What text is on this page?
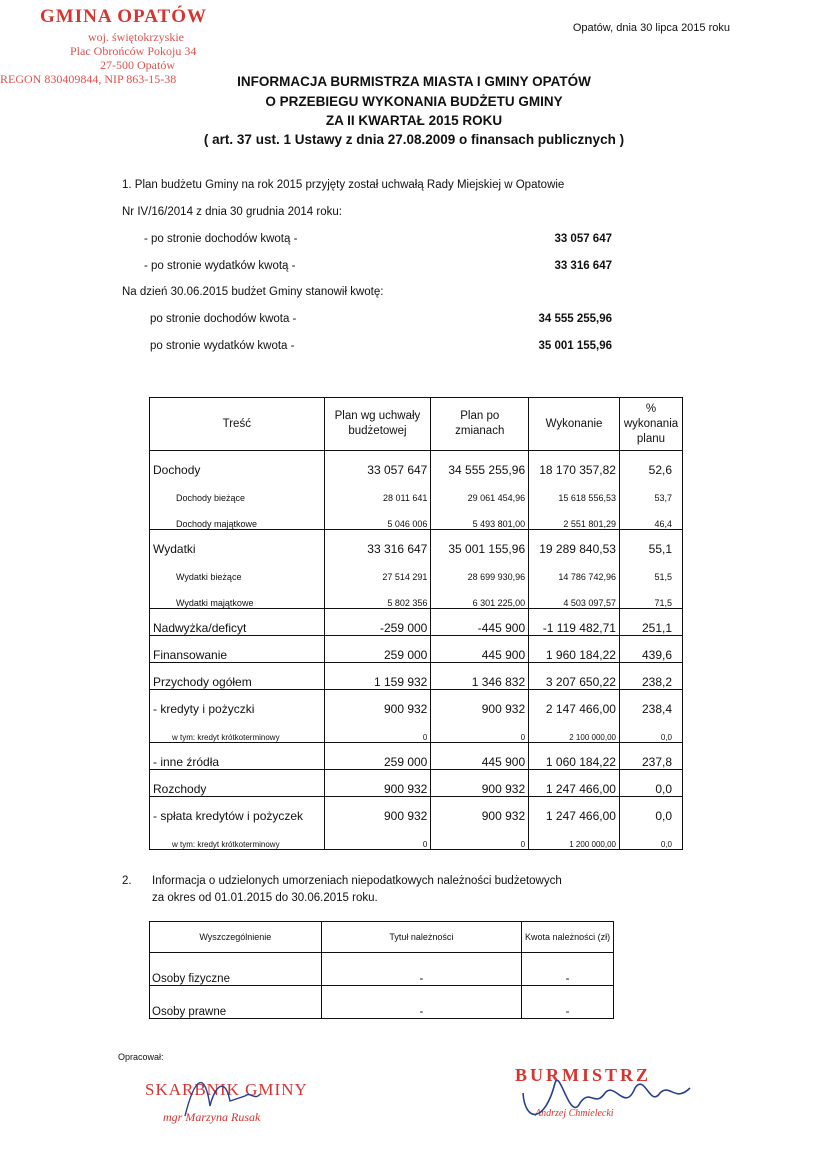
GMINA OPATÓW
woj. świętokrzyskie
Plac Obrońców Pokoju 34
27-500 Opatów
REGON 830409844, NIP 863-15-38
Opatów, dnia 30 lipca 2015 roku
INFORMACJA BURMISTRZA MIASTA I GMINY OPATÓW
O PRZEBIEGU WYKONANIA BUDŻETU GMINY
ZA II KWARTAŁ 2015 ROKU
( art. 37 ust. 1 Ustawy z dnia 27.08.2009 o finansach publicznych )
1. Plan budżetu Gminy na rok 2015 przyjęty został uchwałą Rady Miejskiej w Opatowie
Nr IV/16/2014 z dnia 30 grudnia 2014 roku:
- po stronie dochodów kwotą -	33 057 647
- po stronie wydatków kwotą -	33 316 647
Na dzień 30.06.2015 budżet Gminy stanowił kwotę:
po stronie dochodów kwota -	34 555 255,96
po stronie wydatków kwota -	35 001 155,96
Treść	Plan wg uchwały budżetowej	Plan po zmianach	Wykonanie	% wykonania planu
Dochody	33 057 647	34 555 255,96	18 170 357,82	52,6
Dochody bieżące	28 011 641	29 061 454,96	15 618 556,53	53,7
Dochody majątkowe	5 046 006	5 493 801,00	2 551 801,29	46,4
Wydatki	33 316 647	35 001 155,96	19 289 840,53	55,1
Wydatki bieżące	27 514 291	28 699 930,96	14 786 742,96	51,5
Wydatki majątkowe	5 802 356	6 301 225,00	4 503 097,57	71,5
Nadwyżka/deficyt	-259 000	-445 900	-1 119 482,71	251,1
Finansowanie	259 000	445 900	1 960 184,22	439,6
Przychody ogółem	1 159 932	1 346 832	3 207 650,22	238,2
- kredyty i pożyczki	900 932	900 932	2 147 466,00	238,4
w tym: kredyt krótkoterminowy	0	0	2 100 000,00	0,0
- inne źródła	259 000	445 900	1 060 184,22	237,8
Rozchody	900 932	900 932	1 247 466,00	0,0
- spłata kredytów i pożyczek	900 932	900 932	1 247 466,00	0,0
w tym: kredyt krótkoterminowy	0	0	1 200 000,00	0,0
2. Informacja o udzielonych umorzeniach niepodatkowych należności budżetowych
za okres od 01.01.2015 do 30.06.2015 roku.
Wyszczególnienie	Tytuł należności	Kwota należności (zł)
Osoby fizyczne	-	-
Osoby prawne	-	-
Opracował:
SKARBNIK GMINY
mgr Marzyna Rusak
BURMISTRZ
Andrzej Chmielecki
